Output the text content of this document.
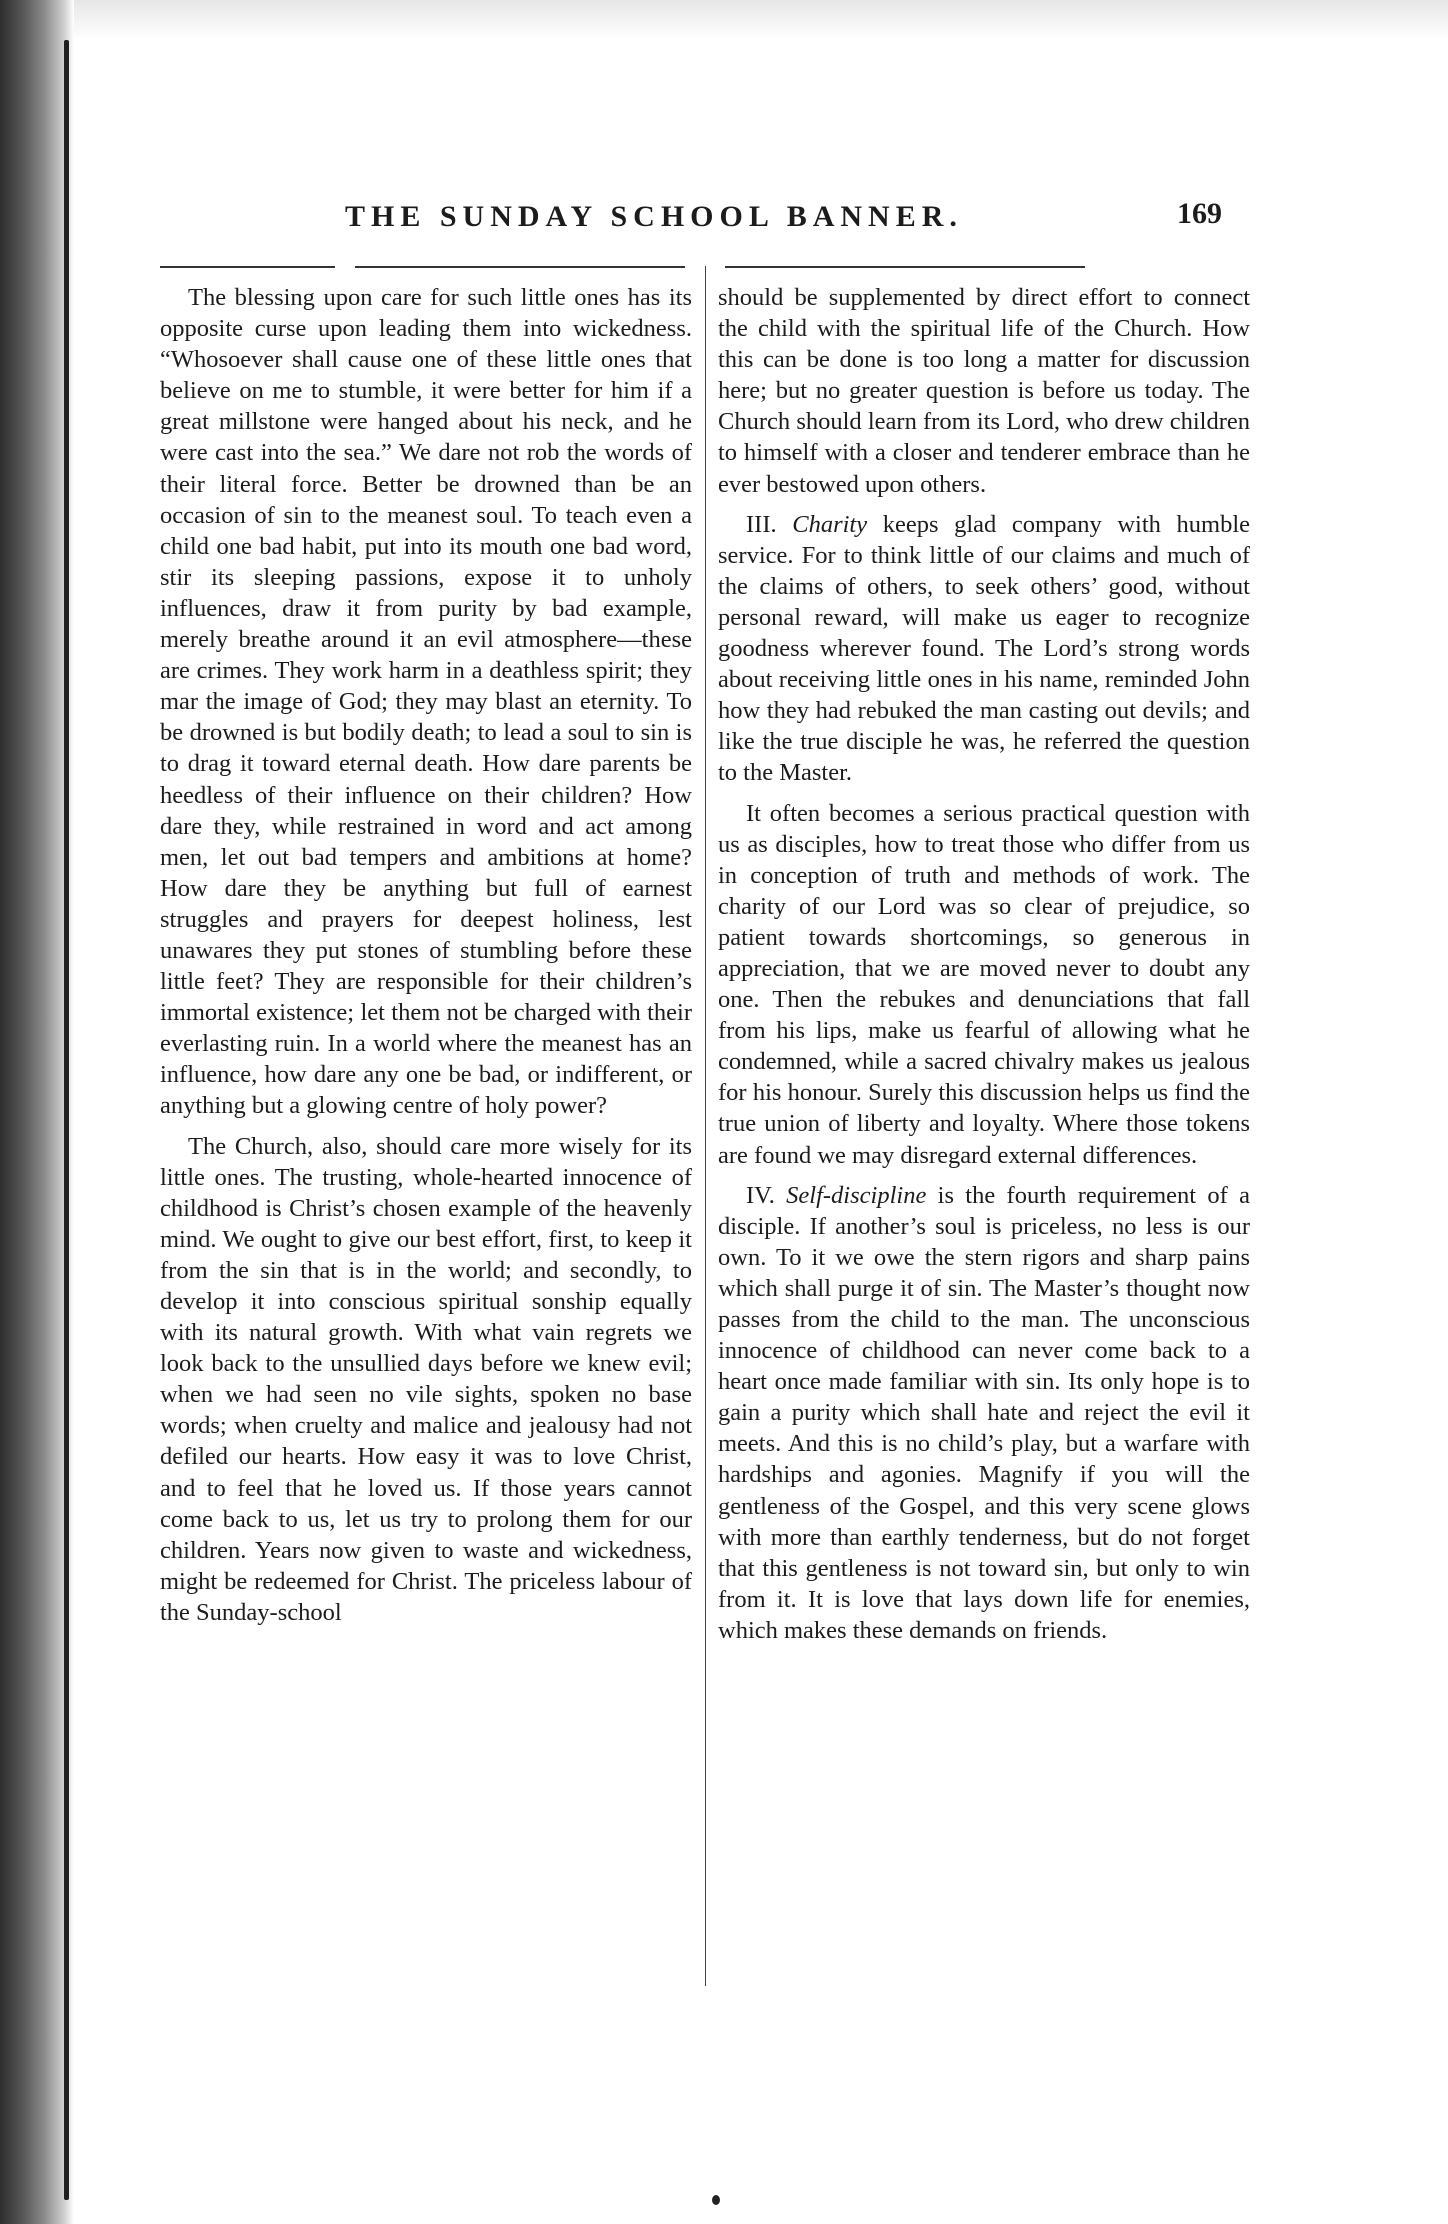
THE SUNDAY SCHOOL BANNER.	169

The blessing upon care for such little ones has its opposite curse upon leading them into wickedness. “Whosoever shall cause one of these little ones that believe on me to stumble, it were better for him if a great millstone were hanged about his neck, and he were cast into the sea.” We dare not rob the words of their literal force. Better be drowned than be an occasion of sin to the meanest soul. To teach even a child one bad habit, put into its mouth one bad word, stir its sleeping passions, expose it to unholy influences, draw it from purity by bad example, merely breathe around it an evil atmosphere—these are crimes. They work harm in a deathless spirit; they mar the image of God; they may blast an eternity. To be drowned is but bodily death; to lead a soul to sin is to drag it toward eternal death. How dare parents be heedless of their influence on their children? How dare they, while restrained in word and act among men, let out bad tempers and ambitions at home? How dare they be anything but full of earnest struggles and prayers for deepest holiness, lest unawares they put stones of stumbling before these little feet? They are responsible for their children’s immortal existence; let them not be charged with their everlasting ruin. In a world where the meanest has an influence, how dare any one be bad, or indifferent, or anything but a glowing centre of holy power?

The Church, also, should care more wisely for its little ones. The trusting, whole-hearted innocence of childhood is Christ’s chosen example of the heavenly mind. We ought to give our best effort, first, to keep it from the sin that is in the world; and secondly, to develop it into conscious spiritual sonship equally with its natural growth. With what vain regrets we look back to the unsullied days before we knew evil; when we had seen no vile sights, spoken no base words; when cruelty and malice and jealousy had not defiled our hearts. How easy it was to love Christ, and to feel that he loved us. If those years cannot come back to us, let us try to prolong them for our children. Years now given to waste and wickedness, might be redeemed for Christ. The priceless labour of the Sunday-school

should be supplemented by direct effort to connect the child with the spiritual life of the Church. How this can be done is too long a matter for discussion here; but no greater question is before us today. The Church should learn from its Lord, who drew children to himself with a closer and tenderer embrace than he ever bestowed upon others.

III. Charity keeps glad company with humble service. For to think little of our claims and much of the claims of others, to seek others’ good, without personal reward, will make us eager to recognize goodness wherever found. The Lord’s strong words about receiving little ones in his name, reminded John how they had rebuked the man casting out devils; and like the true disciple he was, he referred the question to the Master.

It often becomes a serious practical question with us as disciples, how to treat those who differ from us in conception of truth and methods of work. The charity of our Lord was so clear of prejudice, so patient towards shortcomings, so generous in appreciation, that we are moved never to doubt any one. Then the rebukes and denunciations that fall from his lips, make us fearful of allowing what he condemned, while a sacred chivalry makes us jealous for his honour. Surely this discussion helps us find the true union of liberty and loyalty. Where those tokens are found we may disregard external differences.

IV. Self-discipline is the fourth requirement of a disciple. If another’s soul is priceless, no less is our own. To it we owe the stern rigors and sharp pains which shall purge it of sin. The Master’s thought now passes from the child to the man. The unconscious innocence of childhood can never come back to a heart once made familiar with sin. Its only hope is to gain a purity which shall hate and reject the evil it meets. And this is no child’s play, but a warfare with hardships and agonies. Magnify if you will the gentleness of the Gospel, and this very scene glows with more than earthly tenderness, but do not forget that this gentleness is not toward sin, but only to win from it. It is love that lays down life for enemies, which makes these demands on friends.
